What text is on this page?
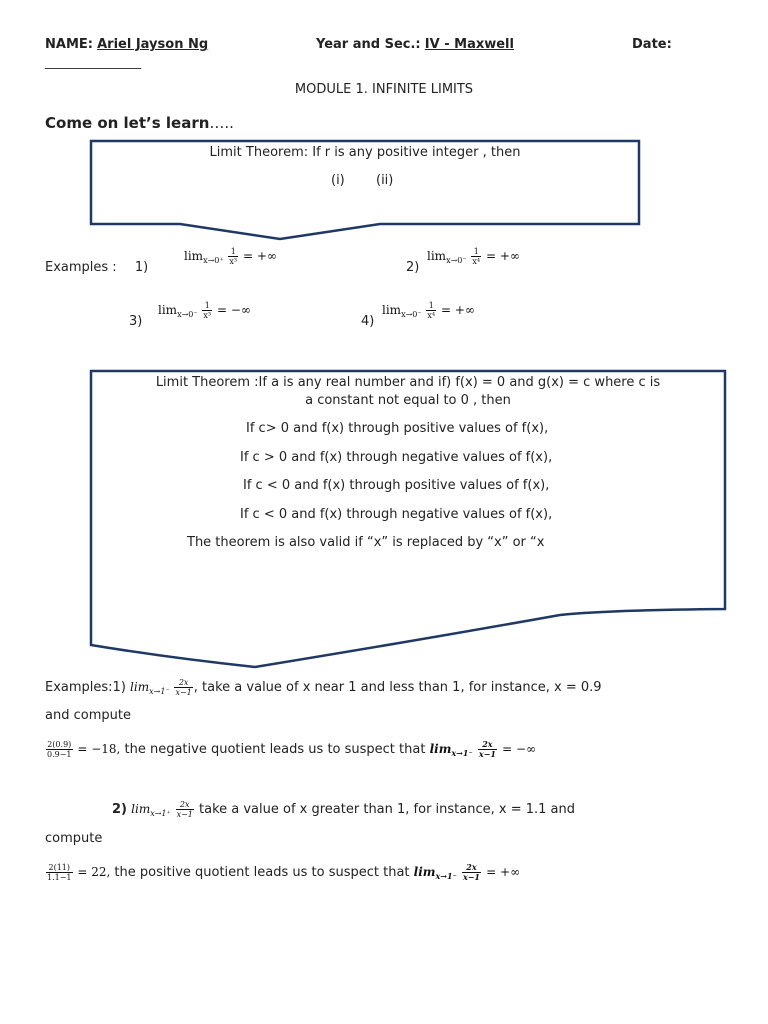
NAME: Ariel Jayson Ng	Year and Sec.: IV - Maxwell	Date:
________________
MODULE 1. INFINITE LIMITS
Come on let’s learn…..
Limit Theorem: If r is any positive integer , then
(i) (ii)
Examples : 1)
$\lim_{x\to 0^+} \frac{1}{\text{x³}}$ = +∞
2)
$\lim_{x\to 0^-} \frac{1}{\text{x⁴}}$ = +∞
3)
$\lim_{x\to 0^-} \frac{1}{\text{x³}}$ = −∞
4)
$\lim_{x\to 0^-} \frac{1}{\text{x⁴}}$ = +∞
Limit Theorem :If a is any real number and if) f(x) = 0 and g(x) = c where c is
a constant not equal to 0 , then
If c> 0 and f(x) through positive values of f(x),
If c > 0 and f(x) through negative values of f(x),
If c < 0 and f(x) through positive values of f(x),
If c < 0 and f(x) through negative values of f(x),
The theorem is also valid if “x” is replaced by “x” or “x
Examples:1) $\lim_{x\to 1^-} \frac{2x}{x-1}$ , take a value of x near 1 and less than 1, for instance, x = 0.9
and compute
$\frac{2(0.9)}{0.9-1} = -18$, the negative quotient leads us to suspect that $\lim_{x\to 1^-} \frac{2x}{x-1}$ = −∞
2) $\lim_{x\to 1^+} \frac{2x}{x-1}$ take a value of x greater than 1, for instance, x = 1.1 and
compute
$\frac{2(11)}{1.1-1} = 22$, the positive quotient leads us to suspect that $\lim_{x\to 1^-} \frac{2x}{x-1}$ = +∞
